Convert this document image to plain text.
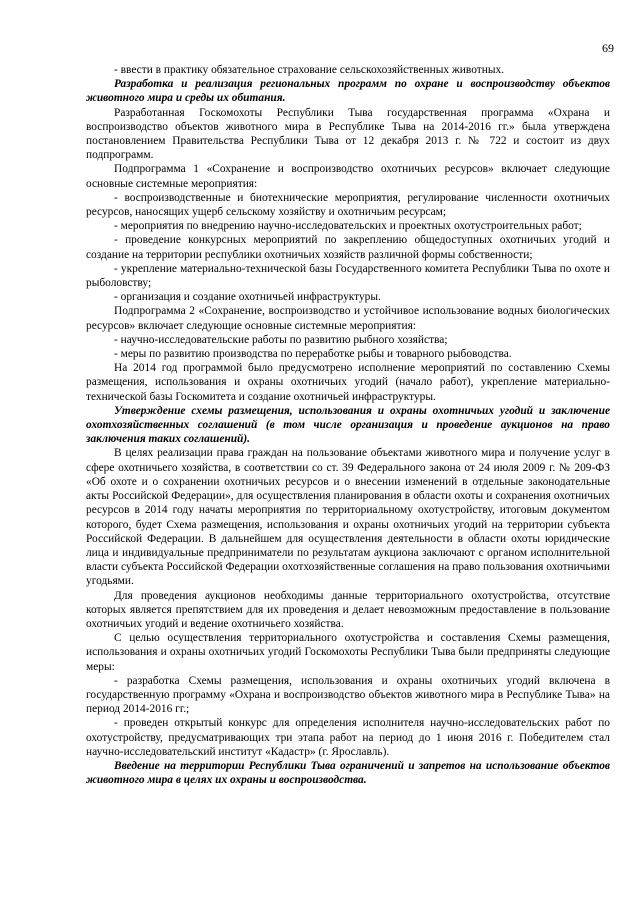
69

- ввести в практику обязательное страхование сельскохозяйственных животных.

Разработка и реализация региональных программ по охране и воспроизводству объектов животного мира и среды их обитания.

Разработанная Госкомохоты Республики Тыва государственная программа «Охрана и воспроизводство объектов животного мира в Республике Тыва на 2014-2016 гг.» была утверждена постановлением Правительства Республики Тыва от 12 декабря 2013 г. № 722 и состоит из двух подпрограмм.

Подпрограмма 1 «Сохранение и воспроизводство охотничьих ресурсов» включает следующие основные системные мероприятия:

- воспроизводственные и биотехнические мероприятия, регулирование численности охотничьих ресурсов, наносящих ущерб сельскому хозяйству и охотничьим ресурсам;

- мероприятия по внедрению научно-исследовательских и проектных охотустроительных работ;

- проведение конкурсных мероприятий по закреплению общедоступных охотничьих угодий и создание на территории республики охотничьих хозяйств различной формы собственности;

- укрепление материально-технической базы Государственного комитета Республики Тыва по охоте и рыболовству;

- организация и создание охотничьей инфраструктуры.

Подпрограмма 2 «Сохранение, воспроизводство и устойчивое использование водных биологических ресурсов» включает следующие основные системные мероприятия:

- научно-исследовательские работы по развитию рыбного хозяйства;

- меры по развитию производства по переработке рыбы и товарного рыбоводства.

На 2014 год программой было предусмотрено исполнение мероприятий по составлению Схемы размещения, использования и охраны охотничьих угодий (начало работ), укрепление материально-технической базы Госкомитета и создание охотничьей инфраструктуры.

Утверждение схемы размещения, использования и охраны охотничьих угодий и заключение охотхозяйственных соглашений (в том числе организация и проведение аукционов на право заключения таких соглашений).

В целях реализации права граждан на пользование объектами животного мира и получение услуг в сфере охотничьего хозяйства, в соответствии со ст. 39 Федерального закона от 24 июля 2009 г. № 209-ФЗ «Об охоте и о сохранении охотничьих ресурсов и о внесении изменений в отдельные законодательные акты Российской Федерации», для осуществления планирования в области охоты и сохранения охотничьих ресурсов в 2014 году начаты мероприятия по территориальному охотустройству, итоговым документом которого, будет Схема размещения, использования и охраны охотничьих угодий на территории субъекта Российской Федерации. В дальнейшем для осуществления деятельности в области охоты юридические лица и индивидуальные предприниматели по результатам аукциона заключают с органом исполнительной власти субъекта Российской Федерации охотхозяйственные соглашения на право пользования охотничьими угодьями.

Для проведения аукционов необходимы данные территориального охотустройства, отсутствие которых является препятствием для их проведения и делает невозможным предоставление в пользование охотничьих угодий и ведение охотничьего хозяйства.

С целью осуществления территориального охотустройства и составления Схемы размещения, использования и охраны охотничьих угодий Госкомохоты Республики Тыва были предприняты следующие меры:

- разработка Схемы размещения, использования и охраны охотничьих угодий включена в государственную программу «Охрана и воспроизводство объектов животного мира в Республике Тыва» на период 2014-2016 гг.;

- проведен открытый конкурс для определения исполнителя научно-исследовательских работ по охотустройству, предусматривающих три этапа работ на период до 1 июня 2016 г. Победителем стал научно-исследовательский институт «Кадастр» (г. Ярославль).

Введение на территории Республики Тыва ограничений и запретов на использование объектов животного мира в целях их охраны и воспроизводства.
